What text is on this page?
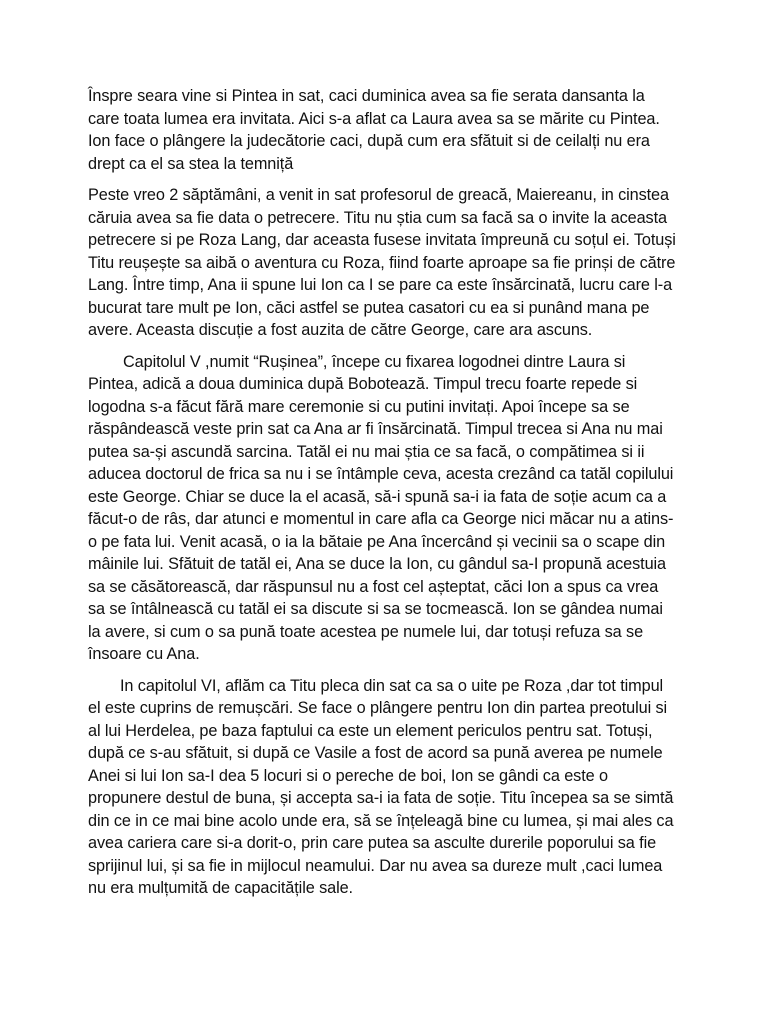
Înspre seara vine si Pintea in sat, caci duminica avea sa fie serata dansanta la care toata lumea era invitata. Aici s-a aflat ca Laura avea sa se mărite cu Pintea. Ion face o plângere la judecătorie caci, după cum era sfătuit si de ceilalți nu era drept ca el sa stea la temniță

Peste vreo 2 săptămâni, a venit in sat profesorul de greacă, Maiereanu, in cinstea căruia avea sa fie data o petrecere. Titu nu știa cum sa facă sa o invite la aceasta petrecere si pe Roza Lang, dar aceasta fusese invitata împreună cu soțul ei. Totuși Titu reușește sa aibă o aventura cu Roza, fiind foarte aproape sa fie prinși de către Lang. Între timp, Ana ii spune lui Ion ca I se pare ca este însărcinată, lucru care l-a bucurat tare mult pe Ion, căci astfel se putea casatori cu ea si punând mana pe avere. Aceasta discuție a fost auzita de către George, care ara ascuns.

Capitolul V ,numit “Rușinea”, începe cu fixarea logodnei dintre Laura si Pintea, adică a doua duminica după Bobotează. Timpul trecu foarte repede si logodna s-a făcut fără mare ceremonie si cu putini invitați. Apoi începe sa se răspândească veste prin sat ca Ana ar fi însărcinată. Timpul trecea si Ana nu mai putea sa-și ascundă sarcina. Tatăl ei nu mai știa ce sa facă, o compătimea si ii aducea doctorul de frica sa nu i se întâmple ceva, acesta crezând ca tatăl copilului este George. Chiar se duce la el acasă, să-i spună sa-i ia fata de soție acum ca a făcut-o de râs, dar atunci e momentul in care afla ca George nici măcar nu a atins-o pe fata lui. Venit acasă, o ia la bătaie pe Ana încercând și vecinii sa o scape din mâinile lui. Sfătuit de tatăl ei, Ana se duce la Ion, cu gândul sa-I propună acestuia sa se căsătorească, dar răspunsul nu a fost cel așteptat, căci Ion a spus ca vrea sa se întâlnească cu tatăl ei sa discute si sa se tocmească. Ion se gândea numai la avere, si cum o sa pună toate acestea pe numele lui, dar totuși refuza sa se însoare cu Ana.

In capitolul VI, aflăm ca Titu pleca din sat ca sa o uite pe Roza ,dar tot timpul el este cuprins de remușcări. Se face o plângere pentru Ion din partea preotului si al lui Herdelea, pe baza faptului ca este un element periculos pentru sat. Totuși, după ce s-au sfătuit, si după ce Vasile a fost de acord sa pună averea pe numele Anei si lui Ion sa-I dea 5 locuri si o pereche de boi, Ion se gândi ca este o propunere destul de buna, și accepta sa-i ia fata de soție. Titu începea sa se simtă din ce in ce mai bine acolo unde era, să se înțeleagă bine cu lumea, și mai ales ca avea cariera care si-a dorit-o, prin care putea sa asculte durerile poporului sa fie sprijinul lui, și sa fie in mijlocul neamului. Dar nu avea sa dureze mult ,caci lumea nu era mulțumită de capacitățile sale.
